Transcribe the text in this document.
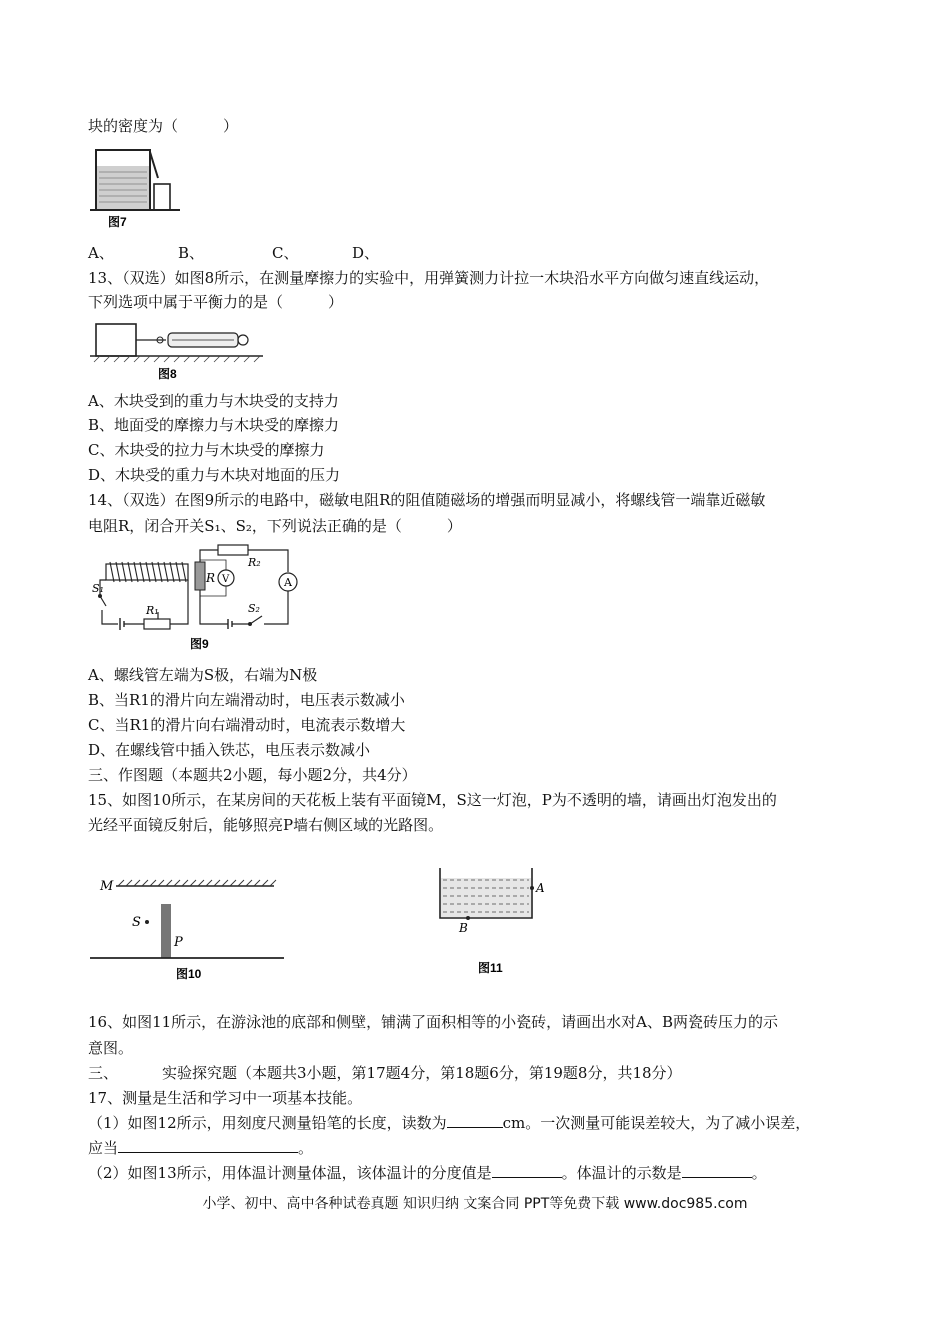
块的密度为（　　　）
图7
A、	B、	C、	D、
13、（双选）如图8所示，在测量摩擦力的实验中，用弹簧测力计拉一木块沿水平方向做匀速直线运动，
下列选项中属于平衡力的是（　　　）
图8
A、木块受到的重力与木块受的支持力
B、地面受的摩擦力与木块受的摩擦力
C、木块受的拉力与木块受的摩擦力
D、木块受的重力与木块对地面的压力
14、（双选）在图9所示的电路中，磁敏电阻R的阻值随磁场的增强而明显减小，将螺线管一端靠近磁敏
电阻R，闭合开关S₁、S₂，下列说法正确的是（　　　）
S₁
R₁
R V
R₂
A
S₂
图9
A、螺线管左端为S极，右端为N极
B、当R1的滑片向左端滑动时，电压表示数减小
C、当R1的滑片向右端滑动时，电流表示数增大
D、在螺线管中插入铁芯，电压表示数减小
三、作图题（本题共2小题，每小题2分，共4分）
15、如图10所示，在某房间的天花板上装有平面镜M，S这一灯泡，P为不透明的墙，请画出灯泡发出的
光经平面镜反射后，能够照亮P墙右侧区域的光路图。
M
S
P
图10
A
B
图11
16、如图11所示，在游泳池的底部和侧壁，铺满了面积相等的小瓷砖，请画出水对A、B两瓷砖压力的示
意图。
三、	实验探究题（本题共3小题，第17题4分，第18题6分，第19题8分，共18分）
17、测量是生活和学习中一项基本技能。
（1）如图12所示，用刻度尺测量铅笔的长度，读数为	cm。一次测量可能误差较大，为了减小误差，
应当	。
（2）如图13所示，用体温计测量体温，该体温计的分度值是	。体温计的示数是	。
小学、初中、高中各种试卷真题 知识归纳 文案合同 PPT等免费下载 www.doc985.com
